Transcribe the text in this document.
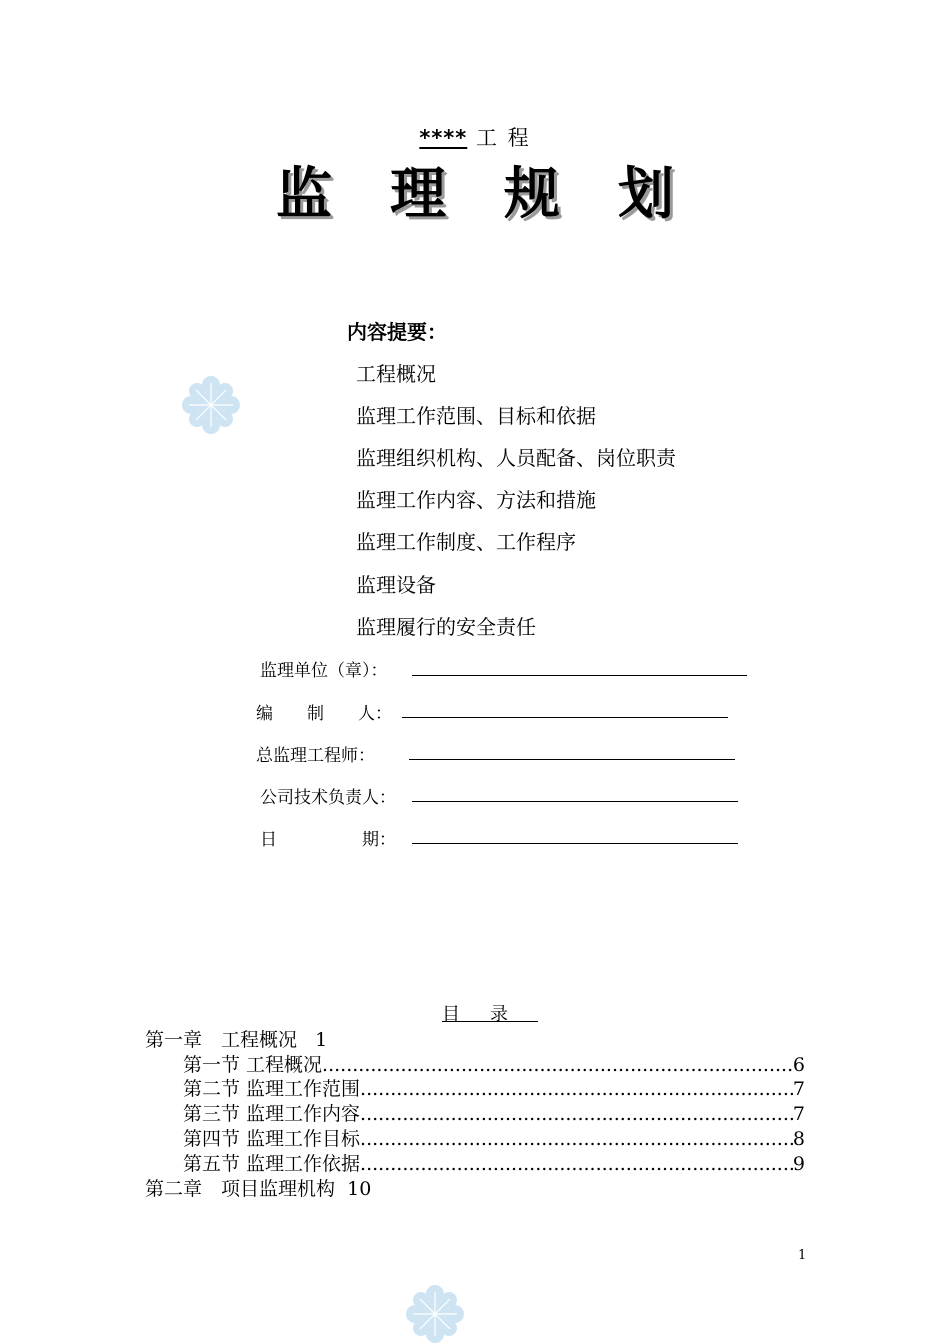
**** 工 程
监理规划
内容提要：
工程概况
监理工作范围、目标和依据
监理组织机构、人员配备、岗位职责
监理工作内容、方法和措施
监理工作制度、工作程序
监理设备
监理履行的安全责任
监理单位（章）：
编　　制　　人：
总监理工程师：
公司技术负责人：
日　　　　　期：
目录
第一章　工程概况 1
第一节 工程概况 .....	6
第二节 监理工作范围 .....	7
第三节 监理工作内容 .....	7
第四节 监理工作目标 .....	8
第五节 监理工作依据 .....	9
第二章　项目监理机构 10
1
